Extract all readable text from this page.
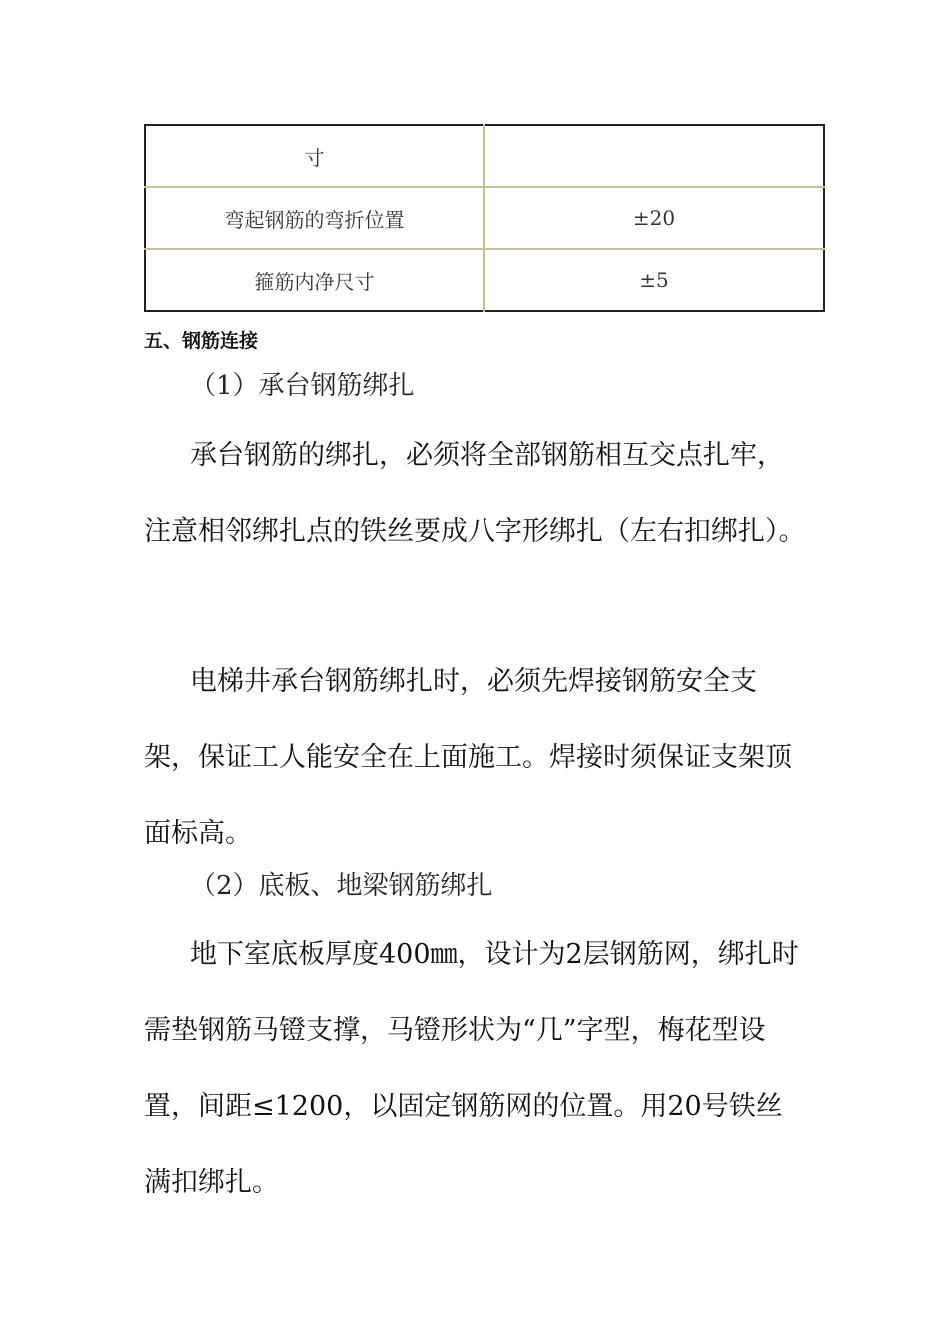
寸	
弯起钢筋的弯折位置	±20
箍筋内净尺寸	±5
五、钢筋连接
（1）承台钢筋绑扎
承台钢筋的绑扎，必须将全部钢筋相互交点扎牢，注意相邻绑扎点的铁丝要成八字形绑扎（左右扣绑扎）。
电梯井承台钢筋绑扎时，必须先焊接钢筋安全支架，保证工人能安全在上面施工。焊接时须保证支架顶面标高。
（2）底板、地梁钢筋绑扎
地下室底板厚度400㎜，设计为2层钢筋网，绑扎时需垫钢筋马镫支撑，马镫形状为“几”字型，梅花型设置，间距≤1200，以固定钢筋网的位置。用20号铁丝满扣绑扎。
